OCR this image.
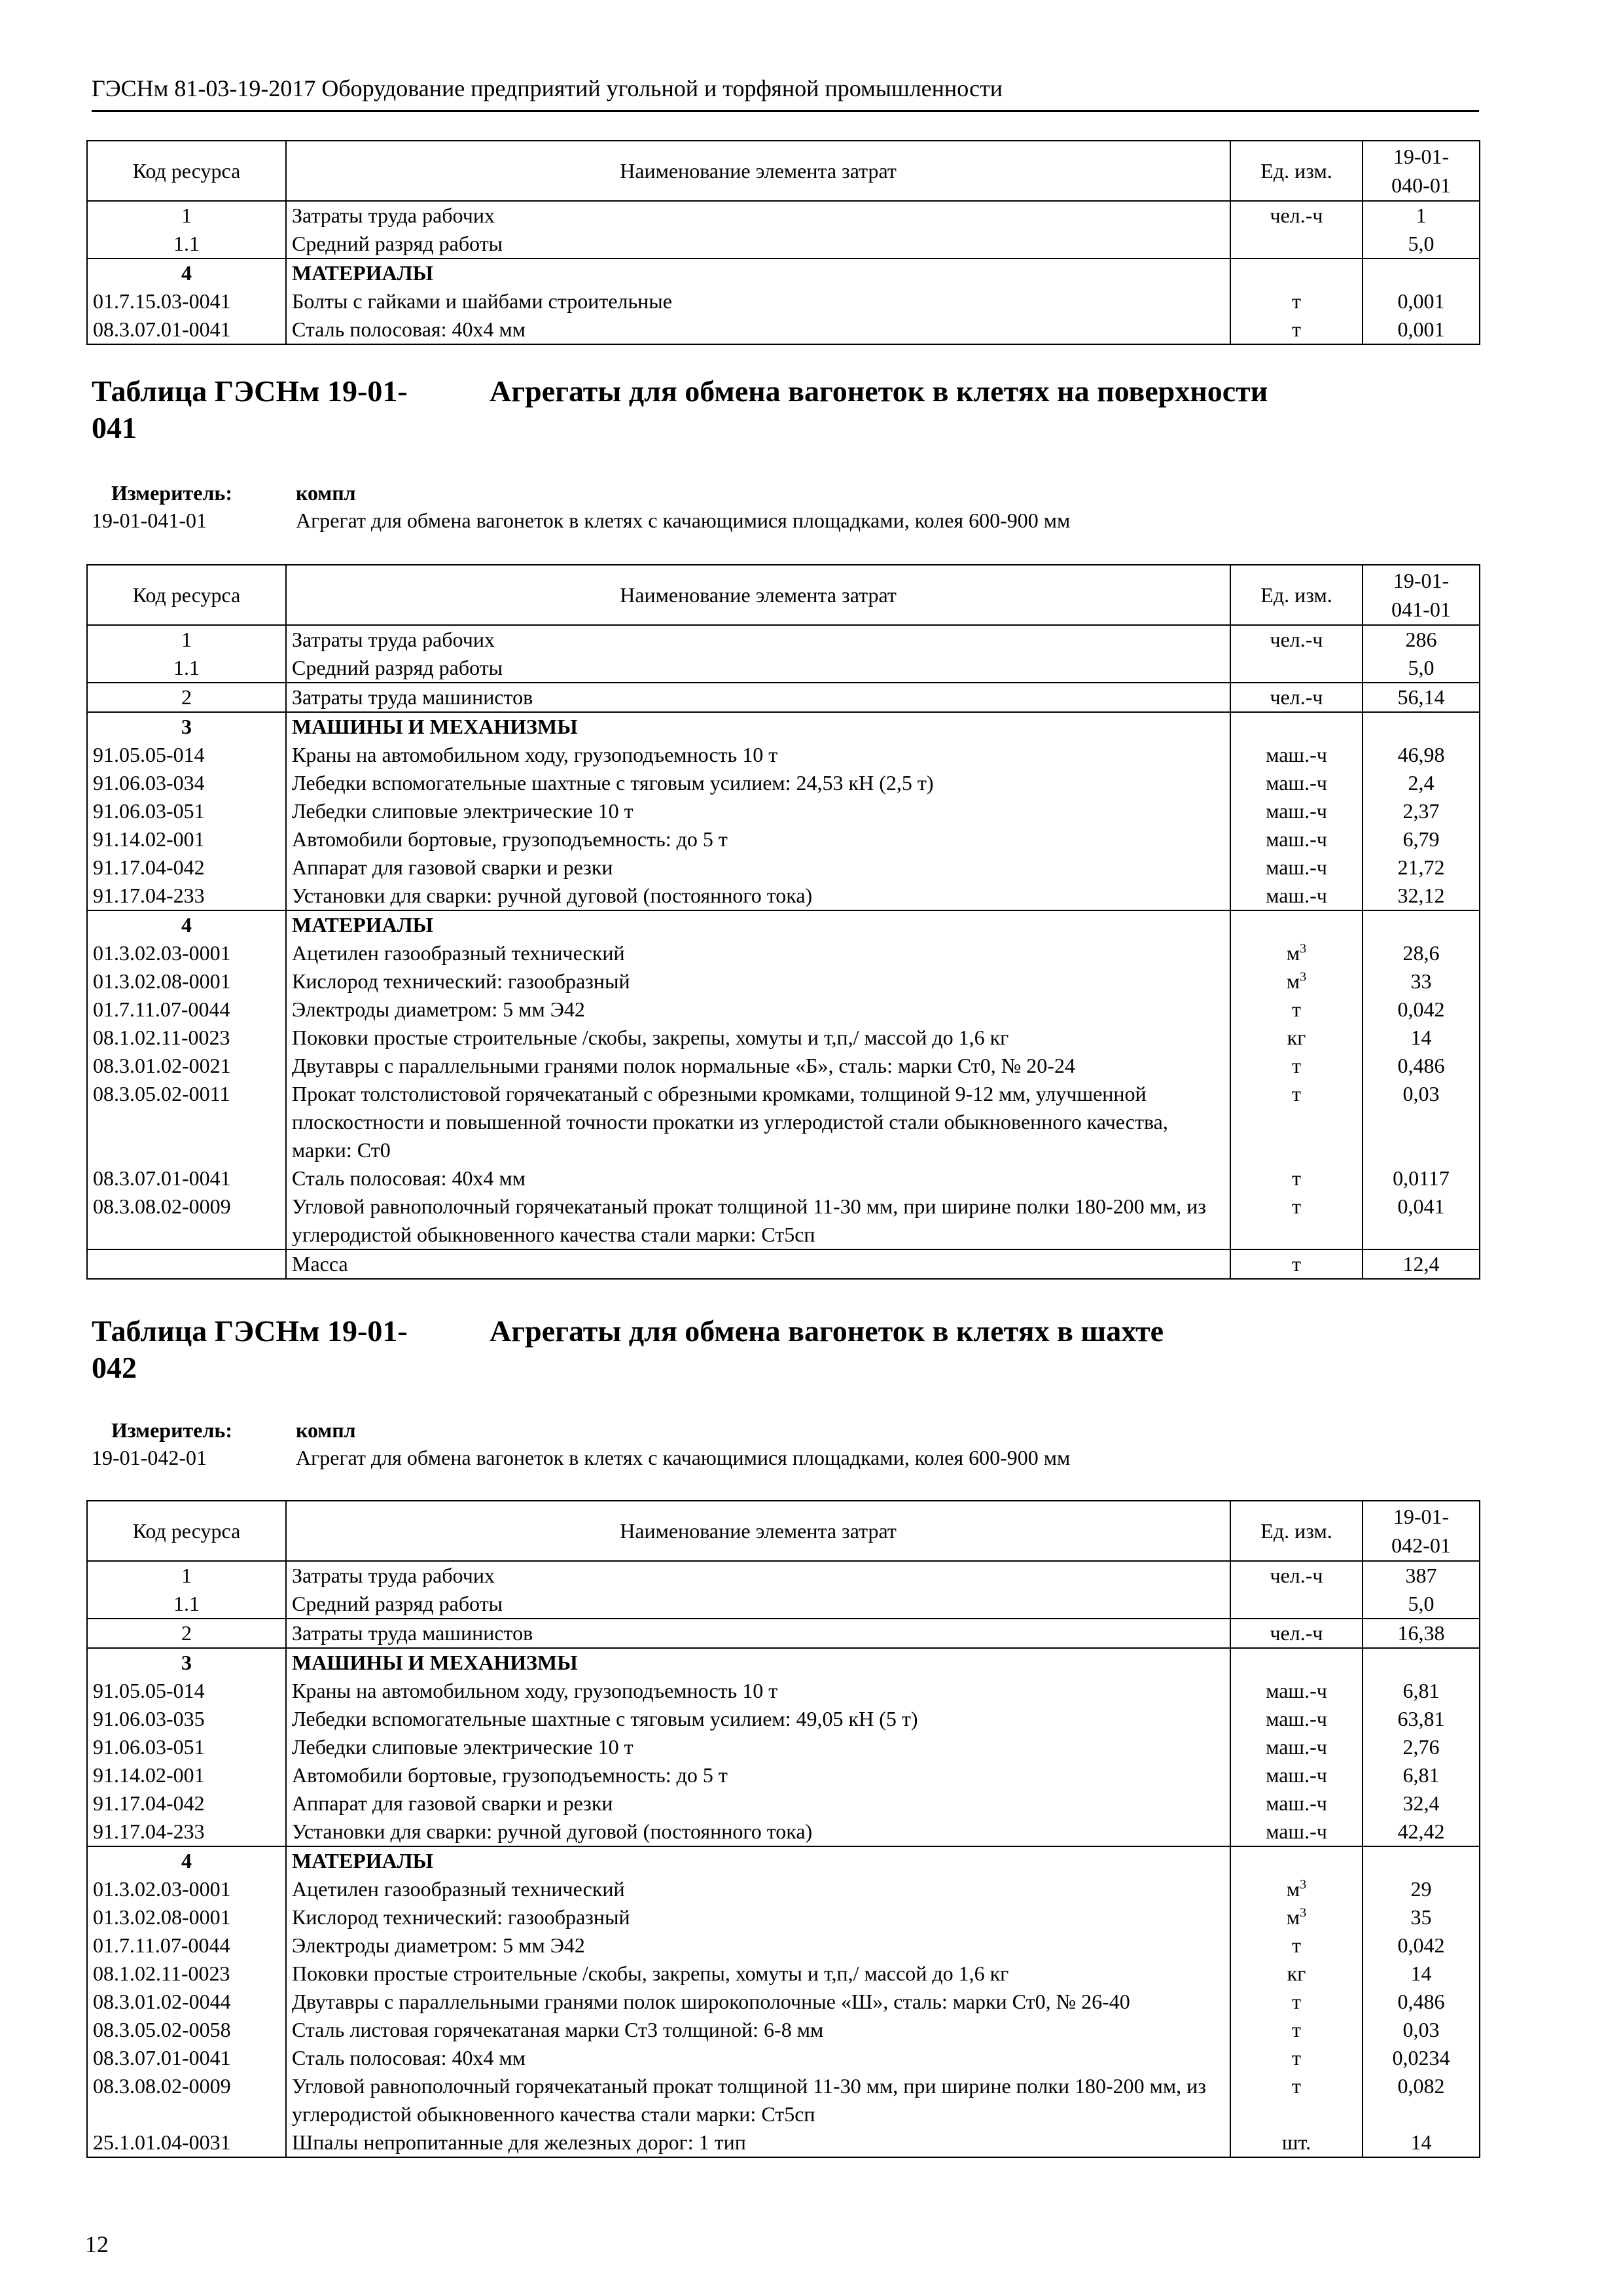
ГЭСНм 81-03-19-2017 Оборудование предприятий угольной и торфяной промышленности
Код ресурса	Наименование элемента затрат	Ед. изм.	19-01-
040-01

1	Затраты труда рабочих	чел.-ч	1
1.1	Средний разряд работы		5,0
4	МАТЕРИАЛЫ		
01.7.15.03-0041	Болты с гайками и шайбами строительные	т	0,001
08.3.07.01-0041	Сталь полосовая: 40х4 мм	т	0,001
Таблица ГЭСНм 19-01-
041
Агрегаты для обмена вагонеток в клетях на поверхности
Измеритель:	компл
19-01-041-01	Агрегат для обмена вагонеток в клетях с качающимися площадками, колея 600-900 мм
Код ресурса	Наименование элемента затрат	Ед. изм.	19-01-
041-01

1	Затраты труда рабочих	чел.-ч	286
1.1	Средний разряд работы		5,0
2	Затраты труда машинистов	чел.-ч	56,14
3	МАШИНЫ И МЕХАНИЗМЫ		
91.05.05-014	Краны на автомобильном ходу, грузоподъемность 10 т	маш.-ч	46,98
91.06.03-034	Лебедки вспомогательные шахтные с тяговым усилием: 24,53 кН (2,5 т)	маш.-ч	2,4
91.06.03-051	Лебедки слиповые электрические 10 т	маш.-ч	2,37
91.14.02-001	Автомобили бортовые, грузоподъемность: до 5 т	маш.-ч	6,79
91.17.04-042	Аппарат для газовой сварки и резки	маш.-ч	21,72
91.17.04-233	Установки для сварки: ручной дуговой (постоянного тока)	маш.-ч	32,12
4	МАТЕРИАЛЫ		
01.3.02.03-0001	Ацетилен газообразный технический	$м^3$	28,6
01.3.02.08-0001	Кислород технический: газообразный	$м^3$	33
01.7.11.07-0044	Электроды диаметром: 5 мм Э42	т	0,042
08.1.02.11-0023	Поковки простые строительные /скобы, закрепы, хомуты и т,п,/ массой до 1,6 кг	кг	14
08.3.01.02-0021	Двутавры с параллельными гранями полок нормальные «Б», сталь: марки Ст0, № 20-24	т	0,486
08.3.05.02-0011	Прокат толстолистовой горячекатаный с обрезными кромками, толщиной 9-12 мм, улучшенной плоскостности и повышенной точности прокатки из углеродистой стали обыкновенного качества, марки: Ст0	т	0,03
08.3.07.01-0041	Сталь полосовая: 40х4 мм	т	0,0117
08.3.08.02-0009	Угловой равнополочный горячекатаный прокат толщиной 11-30 мм, при ширине полки 180-200 мм, из углеродистой обыкновенного качества стали марки: Ст5сп	т	0,041
	Масса	т	12,4
Таблица ГЭСНм 19-01-
042
Агрегаты для обмена вагонеток в клетях в шахте
Измеритель:	компл
19-01-042-01	Агрегат для обмена вагонеток в клетях с качающимися площадками, колея 600-900 мм
Код ресурса	Наименование элемента затрат	Ед. изм.	19-01-
042-01

1	Затраты труда рабочих	чел.-ч	387
1.1	Средний разряд работы		5,0
2	Затраты труда машинистов	чел.-ч	16,38
3	МАШИНЫ И МЕХАНИЗМЫ		
91.05.05-014	Краны на автомобильном ходу, грузоподъемность 10 т	маш.-ч	6,81
91.06.03-035	Лебедки вспомогательные шахтные с тяговым усилием: 49,05 кН (5 т)	маш.-ч	63,81
91.06.03-051	Лебедки слиповые электрические 10 т	маш.-ч	2,76
91.14.02-001	Автомобили бортовые, грузоподъемность: до 5 т	маш.-ч	6,81
91.17.04-042	Аппарат для газовой сварки и резки	маш.-ч	32,4
91.17.04-233	Установки для сварки: ручной дуговой (постоянного тока)	маш.-ч	42,42
4	МАТЕРИАЛЫ		
01.3.02.03-0001	Ацетилен газообразный технический	$м^3$	29
01.3.02.08-0001	Кислород технический: газообразный	$м^3$	35
01.7.11.07-0044	Электроды диаметром: 5 мм Э42	т	0,042
08.1.02.11-0023	Поковки простые строительные /скобы, закрепы, хомуты и т,п,/ массой до 1,6 кг	кг	14
08.3.01.02-0044	Двутавры с параллельными гранями полок широкополочные «Ш», сталь: марки Ст0, № 26-40	т	0,486
08.3.05.02-0058	Сталь листовая горячекатаная марки Ст3 толщиной: 6-8 мм	т	0,03
08.3.07.01-0041	Сталь полосовая: 40х4 мм	т	0,0234
08.3.08.02-0009	Угловой равнополочный горячекатаный прокат толщиной 11-30 мм, при ширине полки 180-200 мм, из углеродистой обыкновенного качества стали марки: Ст5сп	т	0,082
25.1.01.04-0031	Шпалы непропитанные для железных дорог: 1 тип	шт.	14
12
